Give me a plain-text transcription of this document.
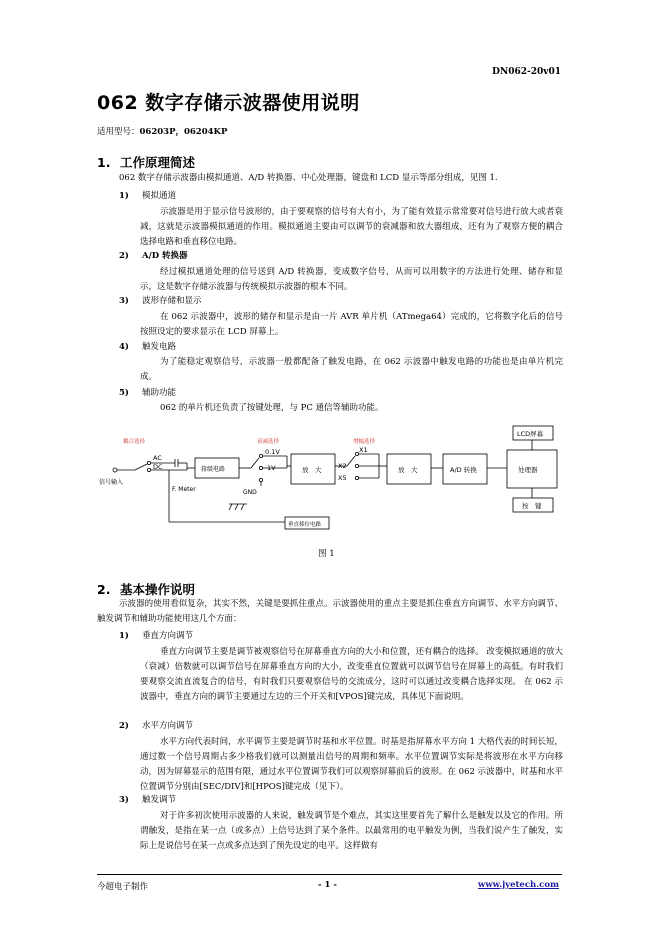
DN062-20v01
062 数字存储示波器使用说明
适用型号：06203P，06204KP
1. 工作原理简述
062 数字存储示波器由模拟通道、A/D 转换器、中心处理器，键盘和 LCD 显示等部分组成，见图 1.
1) 模拟通道
示波器是用于显示信号波形的，由于要观察的信号有大有小，为了能有效显示常常要对信号进行放大或者衰减，这就是示波器模拟通道的作用。模拟通道主要由可以调节的衰减器和放大器组成，还有为了观察方便的耦合选择电路和垂直移位电路。
2) A/D 转换器
经过模拟通道处理的信号送到 A/D 转换器，变成数字信号，从而可以用数字的方法进行处理、储存和显示，这是数字存储示波器与传统模拟示波器的根本不同。
3) 波形存储和显示
在 062 示波器中，波形的储存和显示是由一片 AVR 单片机（ATmega64）完成的，它将数字化后的信号按照设定的要求显示在 LCD 屏幕上。
4) 触发电路
为了能稳定观察信号，示波器一般都配备了触发电路，在 062 示波器中触发电路的功能也是由单片机完成。
5) 辅助功能
062 的单片机还负责了按键处理，与 PC 通信等辅助功能。
耦合选择	衰减选择	增幅选择
信号输入
AC
DC
F. Meter
箝级电路
0.1V
1V
GND
放　大
X1
X2
X5
放　大	A/D 转换	处理器
LCD屏幕
按　键
垂直移位电路
图 1
2. 基本操作说明
示波器的使用看似复杂，其实不然，关键是要抓住重点。示波器使用的重点主要是抓住垂直方向调节、水平方向调节、触发调节和辅助功能使用这几个方面：
1) 垂直方向调节
垂直方向调节主要是调节被观察信号在屏幕垂直方向的大小和位置，还有耦合的选择。 改变模拟通道的放大（衰减）倍数就可以调节信号在屏幕垂直方向的大小，改变垂直位置就可以调节信号在屏幕上的高低。有时我们要观察交流直流复合的信号，有时我们只要观察信号的交流成分，这时可以通过改变耦合选择实现。 在 062 示波器中，垂直方向的调节主要通过左边的三个开关和[VPOS]键完成，具体见下面说明。
2) 水平方向调节
水平方向代表时间，水平调节主要是调节时基和水平位置。时基是指屏幕水平方向 1 大格代表的时间长短，通过数一个信号周期占多少格我们就可以测量出信号的周期和频率。水平位置调节实际是将波形在水平方向移动，因为屏幕显示的范围有限，通过水平位置调节我们可以观察屏幕前后的波形。在 062 示波器中，时基和水平位置调节分别由[SEC/DIV]和[HPOS]键完成（见下）。
3) 触发调节
对于许多初次使用示波器的人来说，触发调节是个难点，其实这里要首先了解什么是触发以及它的作用。所谓触发，是指在某一点（或多点）上信号达到了某个条件。以最常用的电平触发为例，当我们说产生了触发，实际上是说信号在某一点或多点达到了预先设定的电平。这样做有
今超电子制作	- 1 -	www.jyetech.com
